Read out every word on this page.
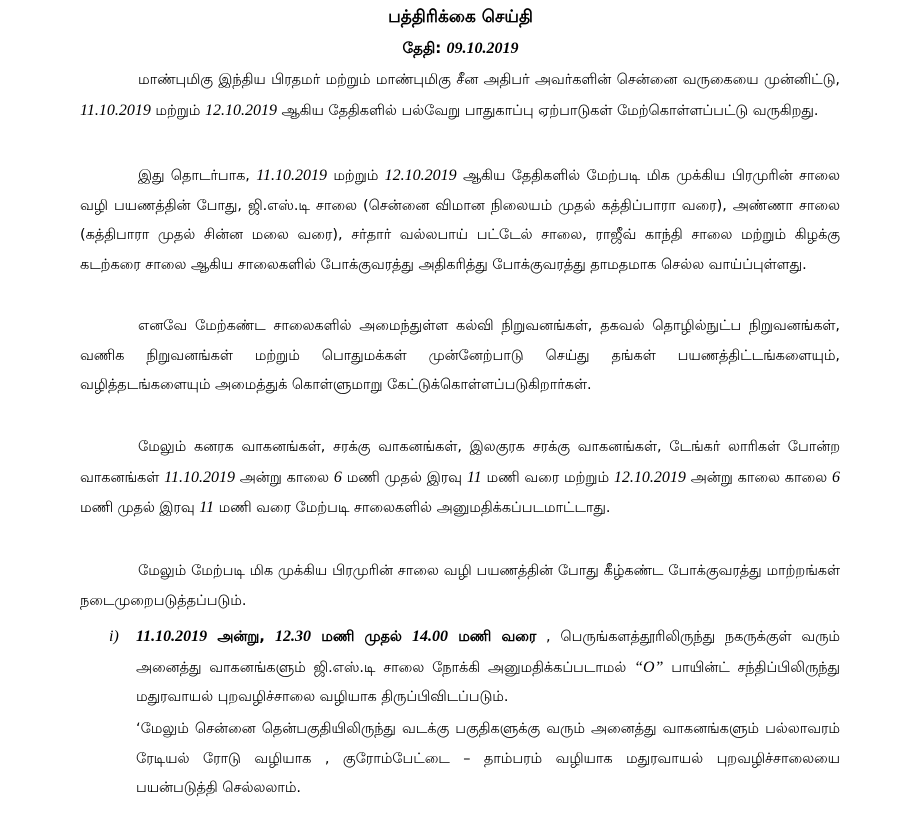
பத்திரிக்கை செய்தி
தேதி: 09.10.2019

மாண்புமிகு இந்திய பிரதமர் மற்றும் மாண்புமிகு சீன அதிபர் அவர்களின் சென்னை வருகையை முன்னிட்டு, 11.10.2019 மற்றும் 12.10.2019 ஆகிய தேதிகளில் பல்வேறு பாதுகாப்பு ஏற்பாடுகள் மேற்கொள்ளப்பட்டு வருகிறது.

இது தொடர்பாக, 11.10.2019 மற்றும் 12.10.2019 ஆகிய தேதிகளில் மேற்படி மிக முக்கிய பிரமுரின் சாலை வழி பயணத்தின் போது, ஜி.எஸ்.டி சாலை (சென்னை விமான நிலையம் முதல் கத்திப்பாரா வரை), அண்ணா சாலை (கத்திபாரா முதல் சின்ன மலை வரை), சர்தார் வல்லபாய் பட்டேல் சாலை, ராஜீவ் காந்தி சாலை மற்றும் கிழக்கு கடற்கரை சாலை ஆகிய சாலைகளில் போக்குவரத்து அதிகரித்து போக்குவரத்து தாமதமாக செல்ல வாய்ப்புள்ளது.

எனவே மேற்கண்ட சாலைகளில் அமைந்துள்ள கல்வி நிறுவனங்கள், தகவல் தொழில்நுட்ப நிறுவனங்கள், வணிக நிறுவனங்கள் மற்றும் பொதுமக்கள் முன்னேற்பாடு செய்து தங்கள் பயணத்திட்டங்களையும், வழித்தடங்களையும் அமைத்துக் கொள்ளுமாறு கேட்டுக்கொள்ளப்படுகிறார்கள்.

மேலும் கனரக வாகனங்கள், சரக்கு வாகனங்கள், இலகுரக சரக்கு வாகனங்கள், டேங்கர் லாரிகள் போன்ற வாகனங்கள் 11.10.2019 அன்று காலை 6 மணி முதல் இரவு 11 மணி வரை மற்றும் 12.10.2019 அன்று காலை காலை 6 மணி முதல் இரவு 11 மணி வரை மேற்படி சாலைகளில் அனுமதிக்கப்படமாட்டாது.

மேலும் மேற்படி மிக முக்கிய பிரமுரின் சாலை வழி பயணத்தின் போது கீழ்கண்ட போக்குவரத்து மாற்றங்கள் நடைமுறைபடுத்தப்படும்.

i) 11.10.2019 அன்று, 12.30 மணி முதல் 14.00 மணி வரை , பெருங்களத்தூரிலிருந்து நகருக்குள் வரும் அனைத்து வாகனங்களும் ஜி.எஸ்.டி சாலை நோக்கி அனுமதிக்கப்படாமல் “O” பாயின்ட் சந்திப்பிலிருந்து மதுரவாயல் புறவழிச்சாலை வழியாக திருப்பிவிடப்படும்.

‘மேலும் சென்னை தென்பகுதியிலிருந்து வடக்கு பகுதிகளுக்கு வரும் அனைத்து வாகனங்களும் பல்லாவரம் ரேடியல் ரோடு வழியாக , குரோம்பேட்டை – தாம்பரம் வழியாக மதுரவாயல் புறவழிச்சாலையை பயன்படுத்தி செல்லலாம்.
